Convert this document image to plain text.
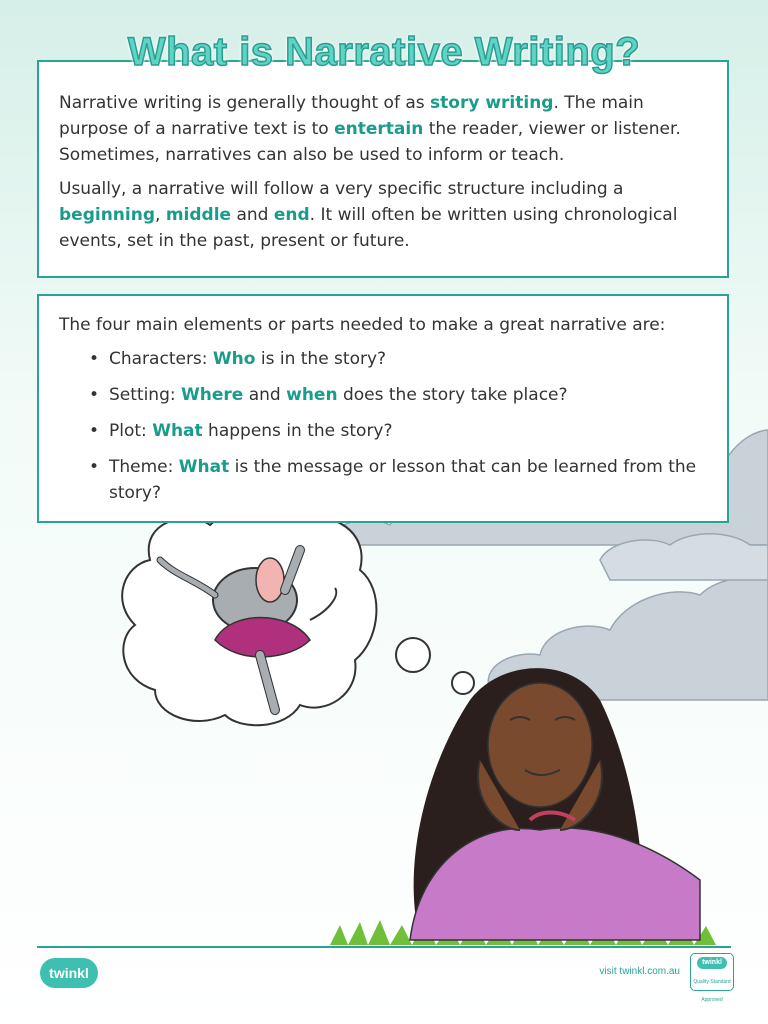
What is Narrative Writing?

Narrative writing is generally thought of as story writing. The main purpose of a narrative text is to entertain the reader, viewer or listener. Sometimes, narratives can also be used to inform or teach.

Usually, a narrative will follow a very specific structure including a beginning, middle and end. It will often be written using chronological events, set in the past, present or future.

The four main elements or parts needed to make a great narrative are:

• Characters: Who is in the story?
• Setting: Where and when does the story take place?
• Plot: What happens in the story?
• Theme: What is the message or lesson that can be learned from the story?
twinkl	visit twinkl.com.au
twinkl
Quality Standard Approved
